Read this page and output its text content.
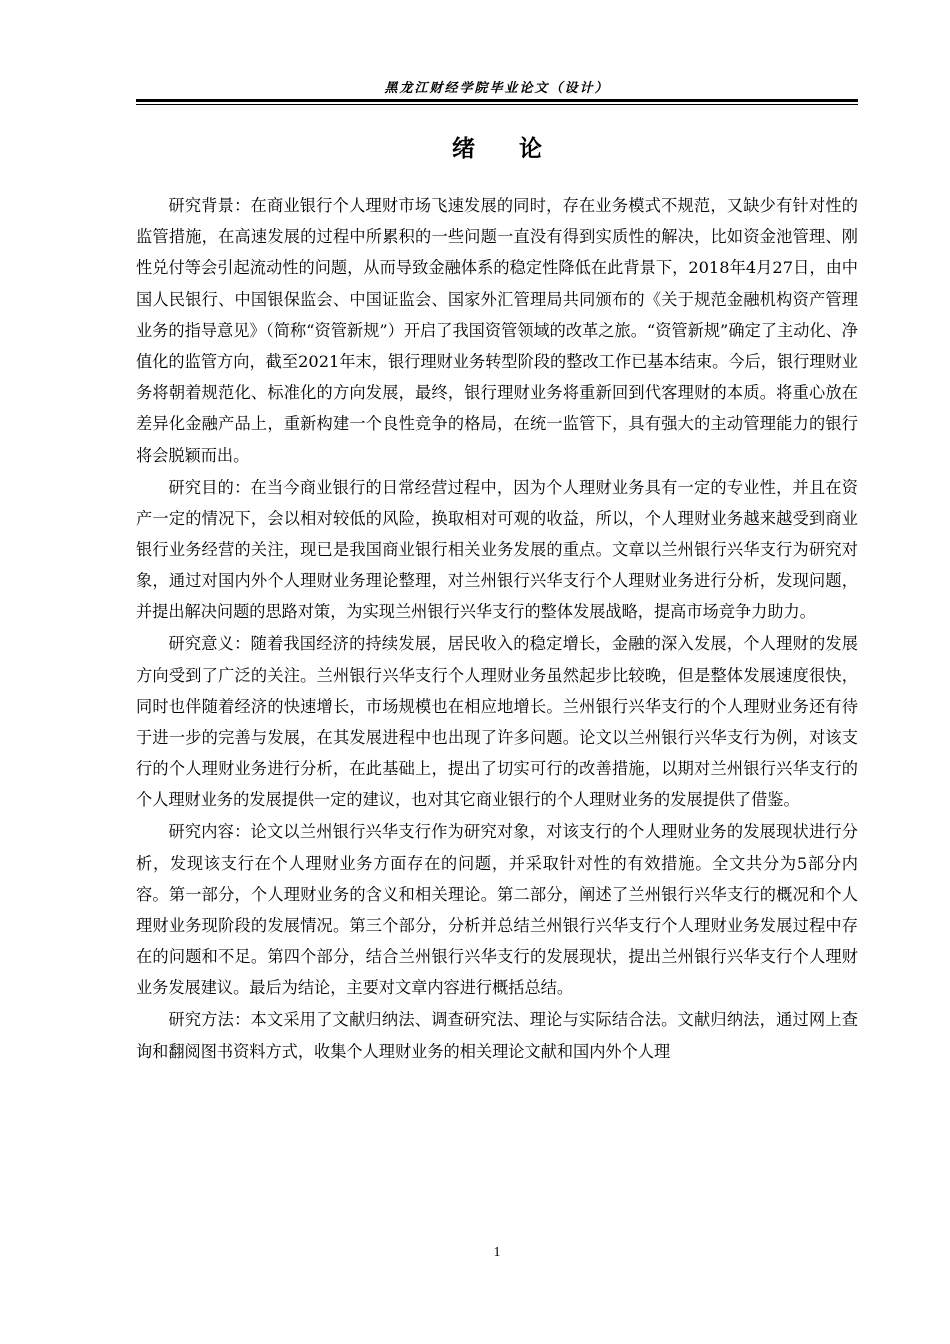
黑龙江财经学院毕业论文（设计）
绪论

研究背景：在商业银行个人理财市场飞速发展的同时，存在业务模式不规范，又缺少有针对性的监管措施，在高速发展的过程中所累积的一些问题一直没有得到实质性的解决，比如资金池管理、刚性兑付等会引起流动性的问题，从而导致金融体系的稳定性降低在此背景下，2018年4月27日，由中国人民银行、中国银保监会、中国证监会、国家外汇管理局共同颁布的《关于规范金融机构资产管理业务的指导意见》（简称“资管新规”）开启了我国资管领域的改革之旅。“资管新规”确定了主动化、净值化的监管方向，截至2021年末，银行理财业务转型阶段的整改工作已基本结束。今后，银行理财业务将朝着规范化、标准化的方向发展，最终，银行理财业务将重新回到代客理财的本质。将重心放在差异化金融产品上，重新构建一个良性竞争的格局，在统一监管下，具有强大的主动管理能力的银行将会脱颖而出。

研究目的：在当今商业银行的日常经营过程中，因为个人理财业务具有一定的专业性，并且在资产一定的情况下，会以相对较低的风险，换取相对可观的收益，所以，个人理财业务越来越受到商业银行业务经营的关注，现已是我国商业银行相关业务发展的重点。文章以兰州银行兴华支行为研究对象，通过对国内外个人理财业务理论整理，对兰州银行兴华支行个人理财业务进行分析，发现问题，并提出解决问题的思路对策，为实现兰州银行兴华支行的整体发展战略，提高市场竞争力助力。

研究意义：随着我国经济的持续发展，居民收入的稳定增长，金融的深入发展，个人理财的发展方向受到了广泛的关注。兰州银行兴华支行个人理财业务虽然起步比较晚，但是整体发展速度很快，同时也伴随着经济的快速增长，市场规模也在相应地增长。兰州银行兴华支行的个人理财业务还有待于进一步的完善与发展，在其发展进程中也出现了许多问题。论文以兰州银行兴华支行为例，对该支行的个人理财业务进行分析，在此基础上，提出了切实可行的改善措施，以期对兰州银行兴华支行的个人理财业务的发展提供一定的建议，也对其它商业银行的个人理财业务的发展提供了借鉴。

研究内容：论文以兰州银行兴华支行作为研究对象，对该支行的个人理财业务的发展现状进行分析，发现该支行在个人理财业务方面存在的问题，并采取针对性的有效措施。全文共分为5部分内容。第一部分，个人理财业务的含义和相关理论。第二部分，阐述了兰州银行兴华支行的概况和个人理财业务现阶段的发展情况。第三个部分，分析并总结兰州银行兴华支行个人理财业务发展过程中存在的问题和不足。第四个部分，结合兰州银行兴华支行的发展现状，提出兰州银行兴华支行个人理财业务发展建议。最后为结论，主要对文章内容进行概括总结。

研究方法：本文采用了文献归纳法、调查研究法、理论与实际结合法。文献归纳法，通过网上查询和翻阅图书资料方式，收集个人理财业务的相关理论文献和国内外个人理

1
